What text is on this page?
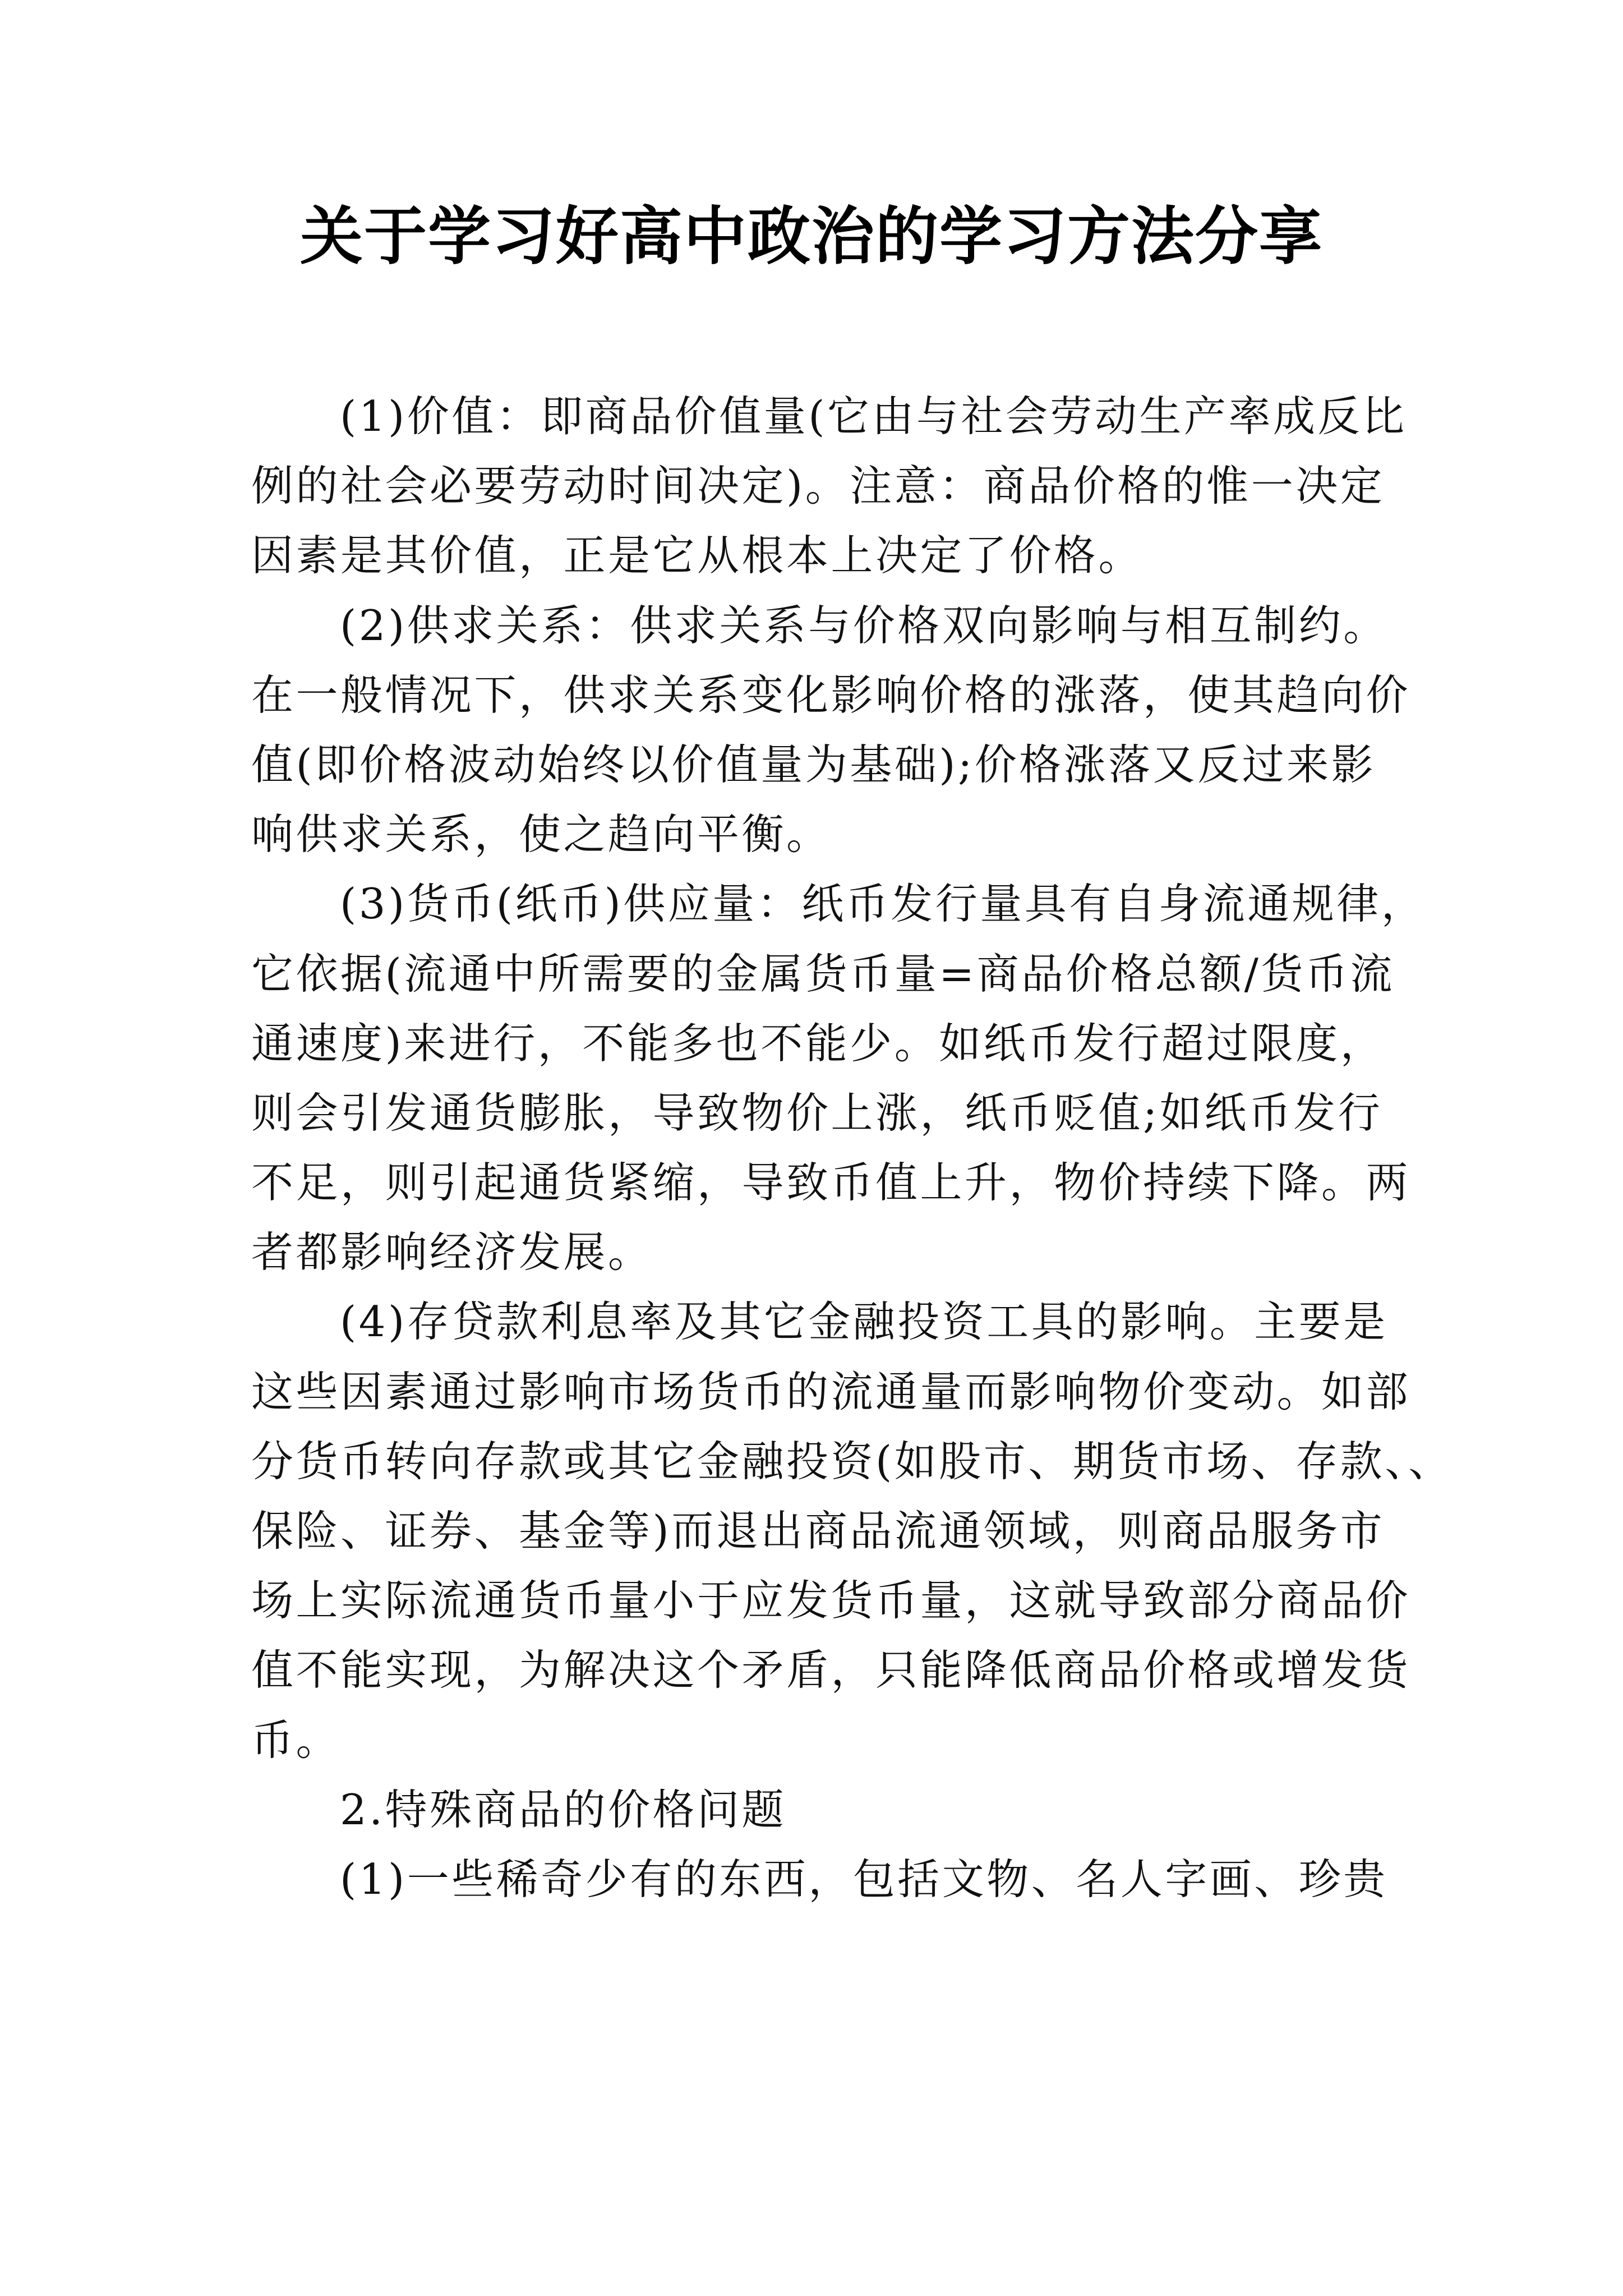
关于学习好高中政治的学习方法分享
(1)价值：即商品价值量(它由与社会劳动生产率成反比
例的社会必要劳动时间决定)。注意：商品价格的惟一决定
因素是其价值，正是它从根本上决定了价格。
(2)供求关系：供求关系与价格双向影响与相互制约。
在一般情况下，供求关系变化影响价格的涨落，使其趋向价
值(即价格波动始终以价值量为基础);价格涨落又反过来影
响供求关系，使之趋向平衡。
(3)货币(纸币)供应量：纸币发行量具有自身流通规律，
它依据(流通中所需要的金属货币量=商品价格总额/货币流
通速度)来进行，不能多也不能少。如纸币发行超过限度，
则会引发通货膨胀，导致物价上涨，纸币贬值;如纸币发行
不足，则引起通货紧缩，导致币值上升，物价持续下降。两
者都影响经济发展。
(4)存贷款利息率及其它金融投资工具的影响。主要是
这些因素通过影响市场货币的流通量而影响物价变动。如部
分货币转向存款或其它金融投资(如股市、期货市场、存款、、
保险、证券、基金等)而退出商品流通领域，则商品服务市
场上实际流通货币量小于应发货币量，这就导致部分商品价
值不能实现，为解决这个矛盾，只能降低商品价格或增发货
币。
2.特殊商品的价格问题
(1)一些稀奇少有的东西，包括文物、名人字画、珍贵
